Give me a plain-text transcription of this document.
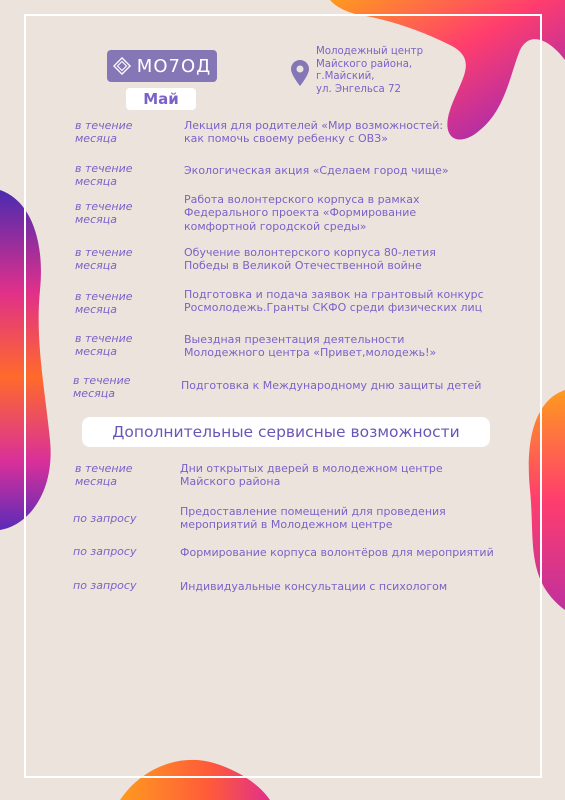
МО7ОД
Май
Молодежный центр
Майского района,
г.Майский,
ул. Энгельса 72
в течение
месяца
Лекция для родителей «Мир возможностей:
как помочь своему ребенку с ОВЗ»
в течение
месяца
Экологическая акция «Сделаем город чище»
в течение
месяца
Работа волонтерского корпуса в рамках
Федерального проекта «Формирование
комфортной городской среды»
в течение
месяца
Обучение волонтерского корпуса 80-летия
Победы в Великой Отечественной войне
в течение
месяца
Подготовка и подача заявок на грантовый конкурс
Росмолодежь.Гранты СКФО среди физических лиц
в течение
месяца
Выездная презентация деятельности
Молодежного центра «Привет,молодежь!»
в течение
месяца
Подготовка к Международному дню защиты детей
Дополнительные сервисные возможности
в течение
месяца
Дни открытых дверей в молодежном центре
Майского района
по запросу
Предоставление помещений для проведения
мероприятий в Молодежном центре
по запросу	Формирование корпуса волонтёров для мероприятий
по запросу	Индивидуальные консультации с психологом
